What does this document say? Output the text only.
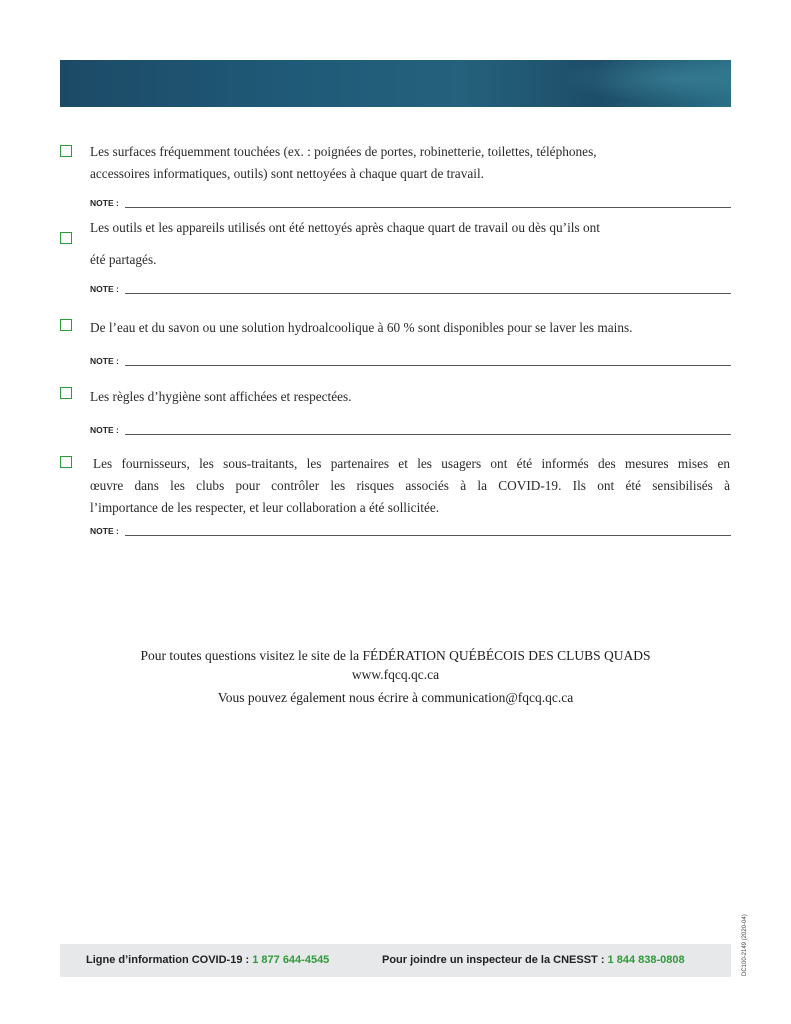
Les surfaces fréquemment touchées (ex. : poignées de portes, robinetterie, toilettes, téléphones,
accessoires informatiques, outils) sont nettoyées à chaque quart de travail.
NOTE :
Les outils et les appareils utilisés ont été nettoyés après chaque quart de travail ou dès qu’ils ont
été partagés.
NOTE :
De l’eau et du savon ou une solution hydroalcoolique à 60 % sont disponibles pour se laver les mains.
NOTE :
Les règles d’hygiène sont affichées et respectées.
NOTE :
Les fournisseurs, les sous-traitants, les partenaires et les usagers ont été informés des mesures mises en
œuvre dans les clubs pour contrôler les risques associés à la COVID-19. Ils ont été sensibilisés à
l’importance de les respecter, et leur collaboration a été sollicitée.
NOTE :
Pour toutes questions visitez le site de la FÉDÉRATION QUÉBÉCOIS DES CLUBS QUADS
www.fqcq.qc.ca
Vous pouvez également nous écrire à communication@fqcq.qc.ca
Ligne d’information COVID-19 : 1 877 644-4545	Pour joindre un inspecteur de la CNESST : 1 844 838-0808	DC100-2149 (2020-04)
